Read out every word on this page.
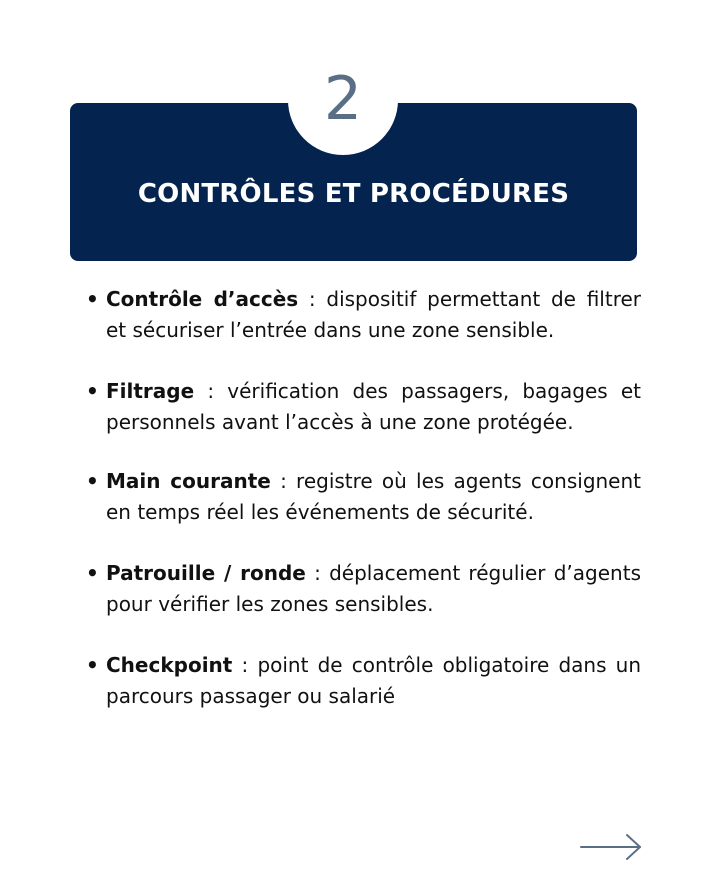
CONTRÔLES ET PROCÉDURES
2
• Contrôle d’accès : dispositif permettant de filtrer et sécuriser l’entrée dans une zone sensible.
• Filtrage : vérification des passagers, bagages et personnels avant l’accès à une zone protégée.
• Main courante : registre où les agents consignent en temps réel les événements de sécurité.
• Patrouille / ronde : déplacement régulier d’agents pour vérifier les zones sensibles.
• Checkpoint : point de contrôle obligatoire dans un parcours passager ou salarié
